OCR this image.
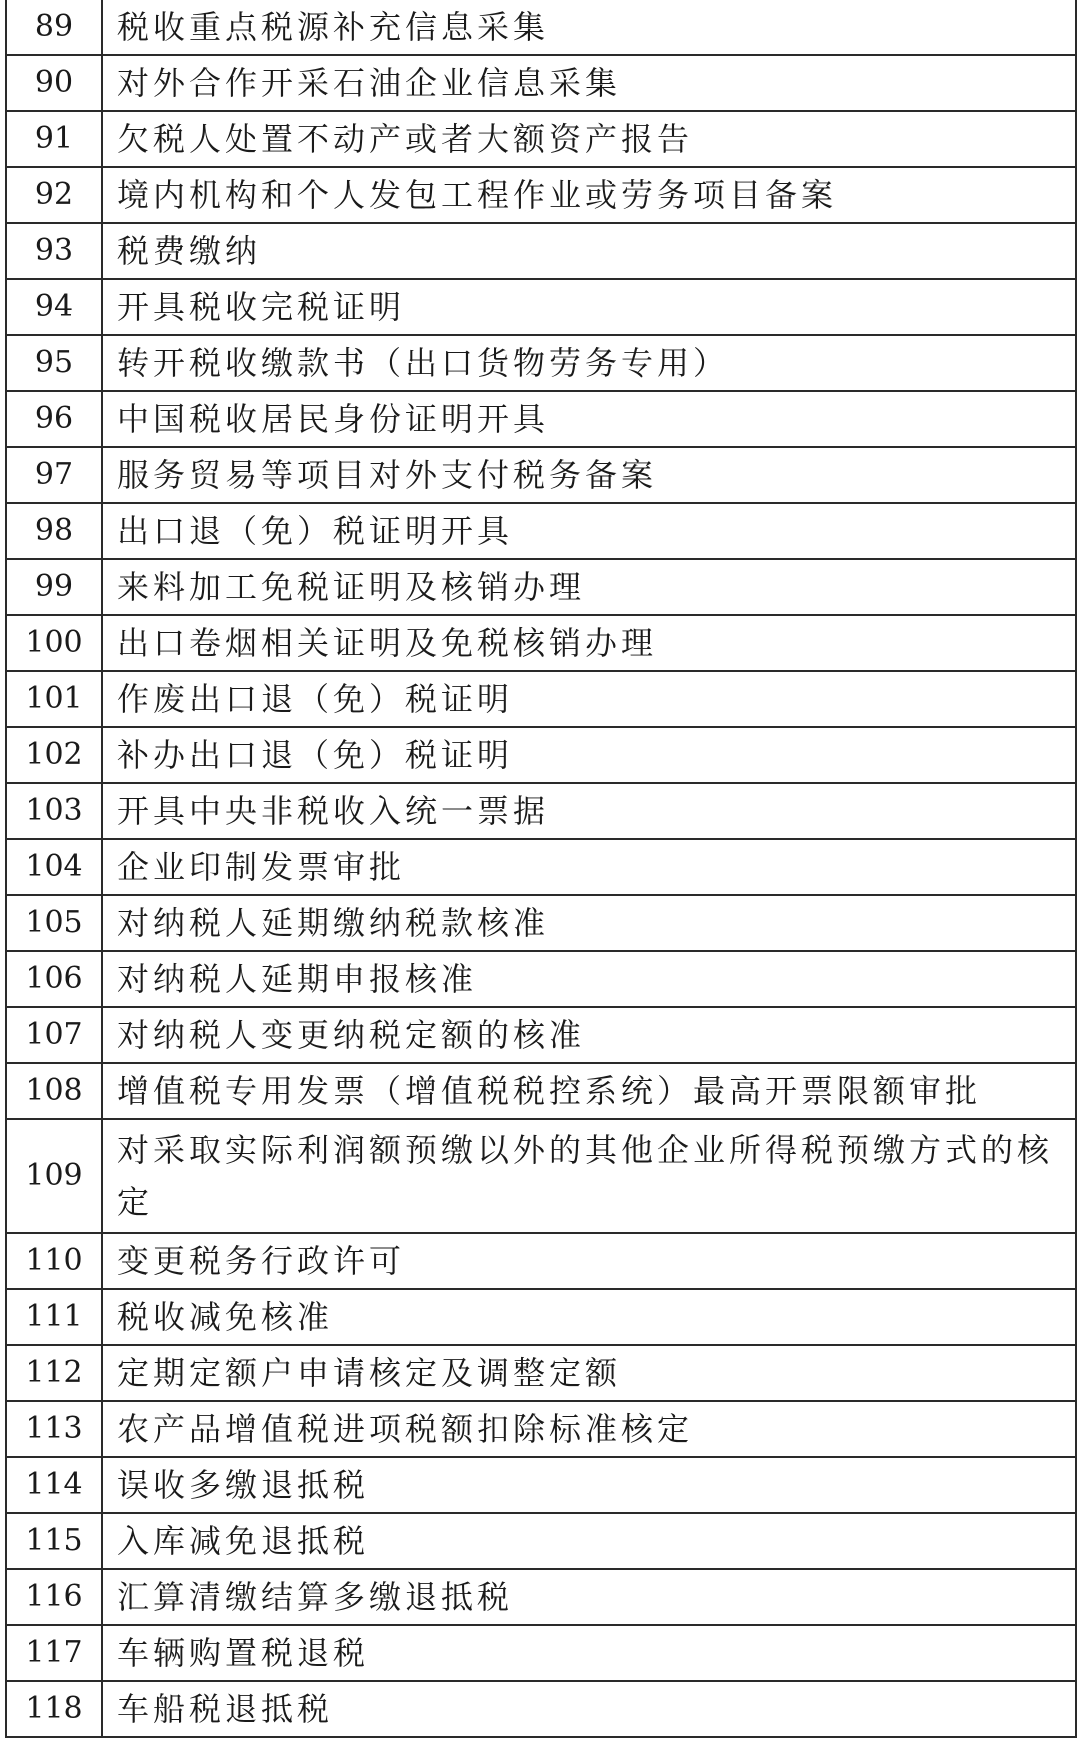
89	税收重点税源补充信息采集
90	对外合作开采石油企业信息采集
91	欠税人处置不动产或者大额资产报告
92	境内机构和个人发包工程作业或劳务项目备案
93	税费缴纳
94	开具税收完税证明
95	转开税收缴款书（出口货物劳务专用）
96	中国税收居民身份证明开具
97	服务贸易等项目对外支付税务备案
98	出口退（免）税证明开具
99	来料加工免税证明及核销办理
100	出口卷烟相关证明及免税核销办理
101	作废出口退（免）税证明
102	补办出口退（免）税证明
103	开具中央非税收入统一票据
104	企业印制发票审批
105	对纳税人延期缴纳税款核准
106	对纳税人延期申报核准
107	对纳税人变更纳税定额的核准
108	增值税专用发票（增值税税控系统）最高开票限额审批
109	对采取实际利润额预缴以外的其他企业所得税预缴方式的核定
110	变更税务行政许可
111	税收减免核准
112	定期定额户申请核定及调整定额
113	农产品增值税进项税额扣除标准核定
114	误收多缴退抵税
115	入库减免退抵税
116	汇算清缴结算多缴退抵税
117	车辆购置税退税
118	车船税退抵税
